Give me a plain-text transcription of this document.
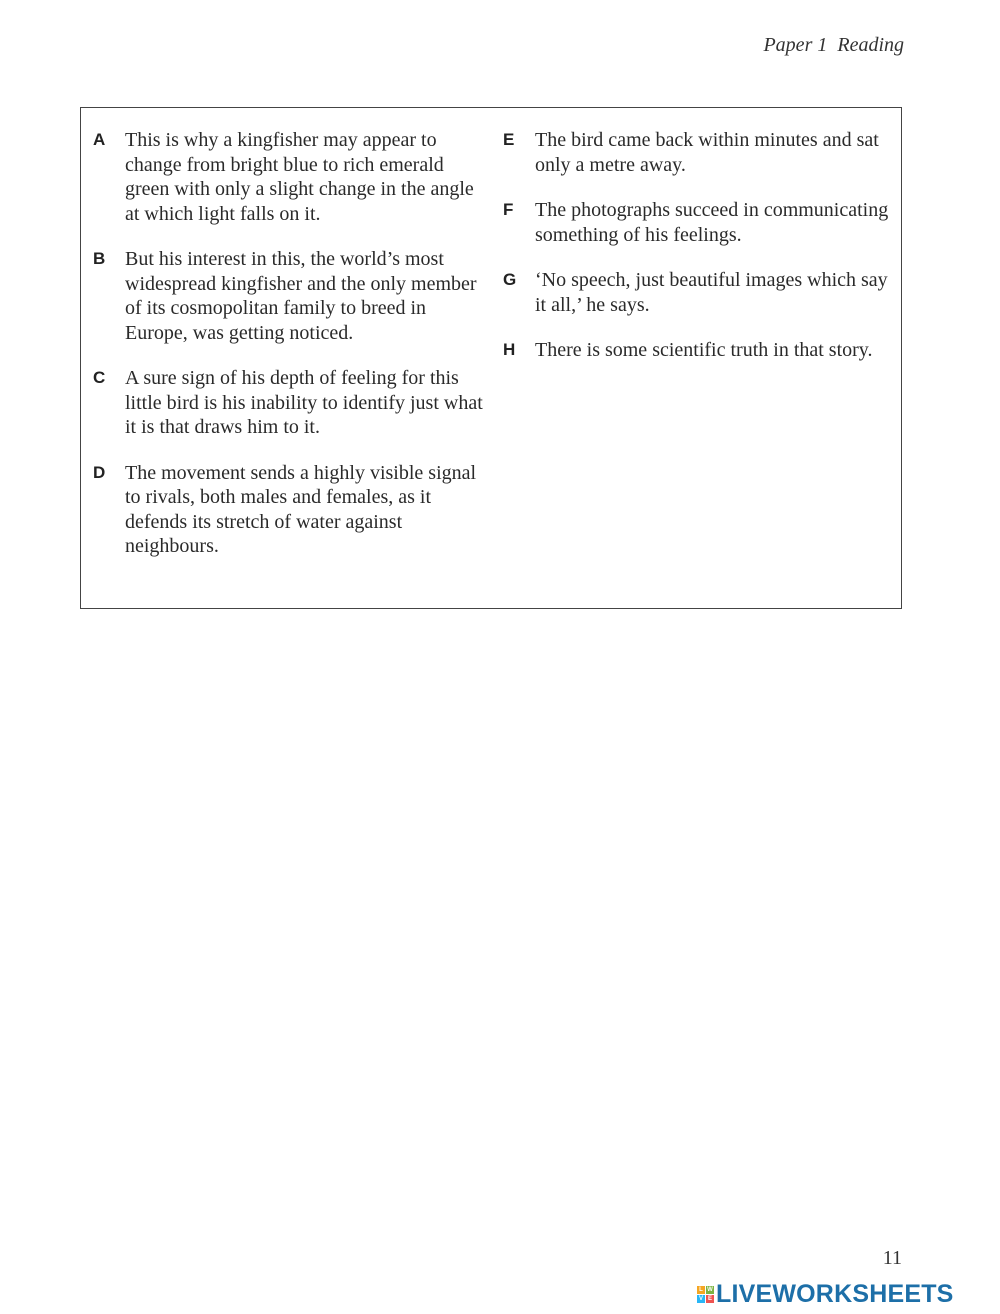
Paper 1  Reading
A This is why a kingfisher may appear to change from bright blue to rich emerald green with only a slight change in the angle at which light falls on it.
B But his interest in this, the world’s most widespread kingfisher and the only member of its cosmopolitan family to breed in Europe, was getting noticed.
C A sure sign of his depth of feeling for this little bird is his inability to identify just what it is that draws him to it.
D The movement sends a highly visible signal to rivals, both males and females, as it defends its stretch of water against neighbours.
E	The bird came back within minutes and sat only a metre away.
F	The photographs succeed in communicating something of his feelings.
G ‘No speech, just beautiful images which say it all,’ he says.
H There is some scientific truth in that story.
11
L W
V E LIVEWORKSHEETS
